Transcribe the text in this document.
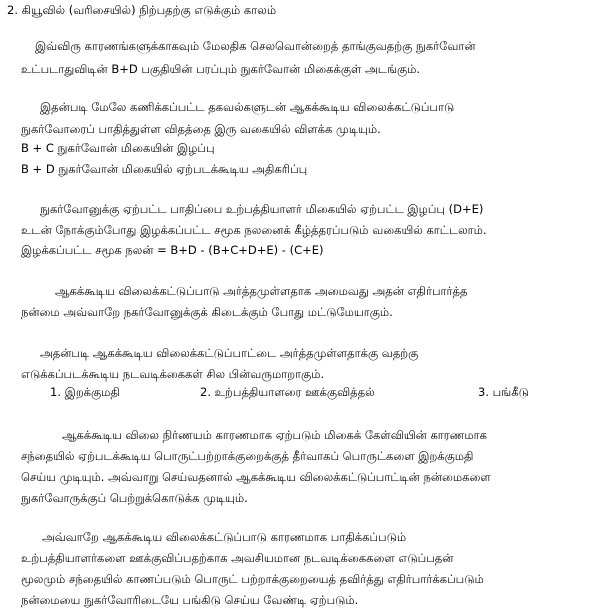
2. கியூவில் (வரிசையில்) நிற்பதற்கு எடுக்கும் காலம்
இவ்விரு காரணங்களுக்காகவும் மேலதிக செலவொன்றைத் தாங்குவதற்கு நுகர்வோன்
உட்படாதுவிடின் B+D பகுதியின் பரப்பும் நுகர்வோன் மிகைக்குள் அடங்கும்.
இதன்படி மேலே கணிக்கப்பட்ட தகவல்களுடன் ஆகக்கூடிய விலைக்கட்டுப்பாடு
நுகர்வோரைப் பாதித்துள்ள விதத்தை இரு வகையில் விளக்க முடியும்.
B + C நுகர்வோன் மிகையின் இழப்பு
B + D நுகர்வோன் மிகையில் ஏற்படக்கூடிய அதிகரிப்பு
நுகர்வோனுக்கு ஏற்பட்ட பாதிப்பை உற்பத்தியாளர் மிகையில் ஏற்பட்ட இழப்பு (D+E)
உடன் நோக்கும்போது இழக்கப்பட்ட சமூக நலனைக் கீழ்த்தரப்படும் வகையில் காட்டலாம்.
இழக்கப்பட்ட சமூக நலன் = B+D - (B+C+D+E) - (C+E)
ஆகக்கூடிய விலைக்கட்டுப்பாடு அர்த்தமுள்ளதாக அமைவது அதன் எதிர்பார்த்த
நன்மை அவ்வாறே நகர்வோனுக்குக் கிடைக்கும் போது மட்டுமேயாகும்.
அதன்படி ஆகக்கூடிய விலைக்கட்டுப்பாட்டை அர்த்தமுள்ளதாக்கு வதற்கு
எடுக்கப்படக்கூடிய நடவடிக்கைகள் சில பின்வருமாறாகும்.
1. இறக்குமதி	2. உற்பத்தியாளரை ஊக்குவித்தல்	3. பங்கீடு
ஆகக்கூடிய விலை நிர்ணயம் காரணமாக ஏற்படும் மிகைக் கேள்வியின் காரணமாக
சந்தையில் ஏற்படக்கூடிய பொருட்பற்றாக்குறைக்குத் தீர்வாகப் பொருட்களை இறக்குமதி
செய்ய முடியும். அவ்வாறு செய்வதனால் ஆகக்கூடிய விலைக்கட்டுப்பாட்டின் நன்மைகளை
நுகர்வோருக்குப் பெற்றுக்கொடுக்க முடியும்.
அவ்வாறே ஆகக்கூடிய விலைக்கட்டுப்பாடு காரணமாக பாதிக்கப்படும்
உற்பத்தியாளர்களை ஊக்குவிப்பதற்காக அவசியமான நடவடிக்கைகளை எடுப்பதன்
மூலமும் சந்தையில் காணப்படும் பொருட் பற்றாக்குறையைத் தவிர்த்து எதிர்பார்க்கப்படும்
நன்மையை நுகர்வோரிடையே பங்கிடு செய்ய வேண்டி ஏற்படும்.
